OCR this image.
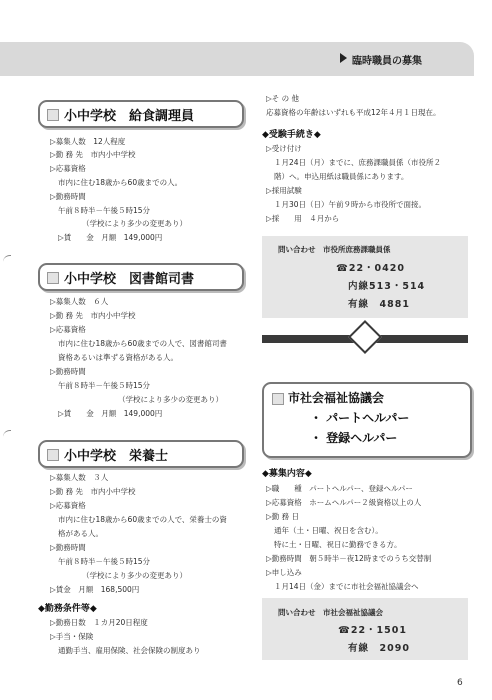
臨時職員の募集
小中学校　給食調理員
▷募集人数　12人程度
▷勤 務 先　市内小中学校
▷応募資格
市内に住む18歳から60歳までの人。
▷勤務時間
午前８時半－午後５時15分
（学校により多少の変更あり）
▷賃　　金　月額　149,000円
小中学校　図書館司書
▷募集人数　６人
▷勤 務 先　市内小中学校
▷応募資格
市内に住む18歳から60歳までの人で、図書館司書
資格あるいは準ずる資格がある人。
▷勤務時間
午前８時半－午後５時15分
（学校により多少の変更あり）
▷賃　　金　月額　149,000円
小中学校　栄養士
▷募集人数　３人
▷勤 務 先　市内小中学校
▷応募資格
市内に住む18歳から60歳までの人で、栄養士の資
格がある人。
▷勤務時間
午前８時半－午後５時15分
（学校により多少の変更あり）
▷賃金　月額　168,500円
◆勤務条件等◆
▷勤務日数　１カ月20日程度
▷手当・保険
通勤手当、雇用保険、社会保険の制度あり
▷そ の 他
応募資格の年齢はいずれも平成12年４月１日現在。
◆受験手続き◆
▷受け付け
１月24日（月）までに、庶務課職員係（市役所２
階）へ。申込用紙は職員係にあります。
▷採用試験
１月30日（日）午前９時から市役所で面接。
▷採　　用　４月から
問い合わせ　市役所庶務課職員係
☎22・0420
内線513・514
有線　4881
市社会福祉協議会
・ パートヘルパー
・ 登録ヘルパー
◆募集内容◆
▷職　　種　パートヘルパー、登録ヘルパー
▷応募資格　ホームヘルパー２級資格以上の人
▷勤 務 日
通年（土・日曜、祝日を含む）。
特に土・日曜、祝日に勤務できる方。
▷勤務時間　朝５時半－夜12時までのうち交替制
▷申し込み
１月14日（金）までに市社会福祉協議会へ
問い合わせ　市社会福祉協議会
☎22・1501
有線　2090
6
